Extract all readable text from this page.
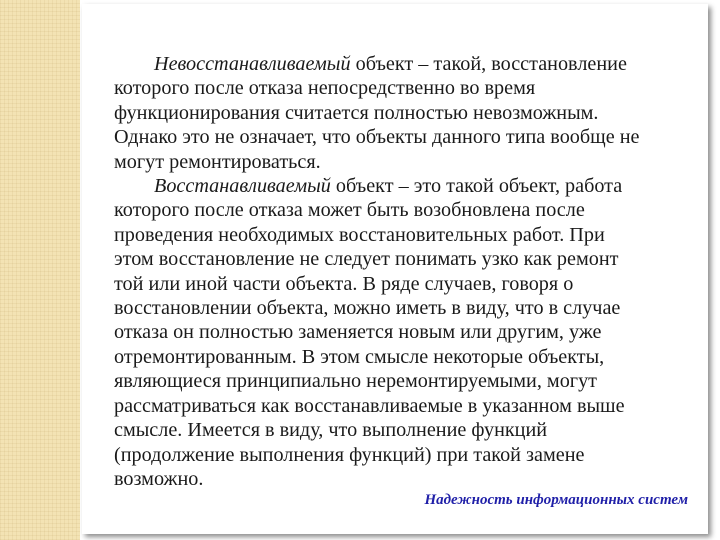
Невосстанавливаемый объект – такой, восстановление которого после отказа непосредственно во время функционирования считается полностью невозможным. Однако это не означает, что объекты данного типа вообще не могут ремонтироваться.

Восстанавливаемый объект – это такой объект, работа которого после отказа может быть возобновлена после проведения необходимых восстановительных работ. При этом восстановление не следует понимать узко как ремонт той или иной части объекта. В ряде случаев, говоря о восстановлении объекта, можно иметь в виду, что в случае отказа он полностью заменяется новым или другим, уже отремонтированным. В этом смысле некоторые объекты, являющиеся принципиально неремонтируемыми, могут рассматриваться как восстанавливаемые в указанном выше смысле. Имеется в виду, что выполнение функций (продолжение выполнения функций) при такой замене возможно.

Надежность информационных систем
